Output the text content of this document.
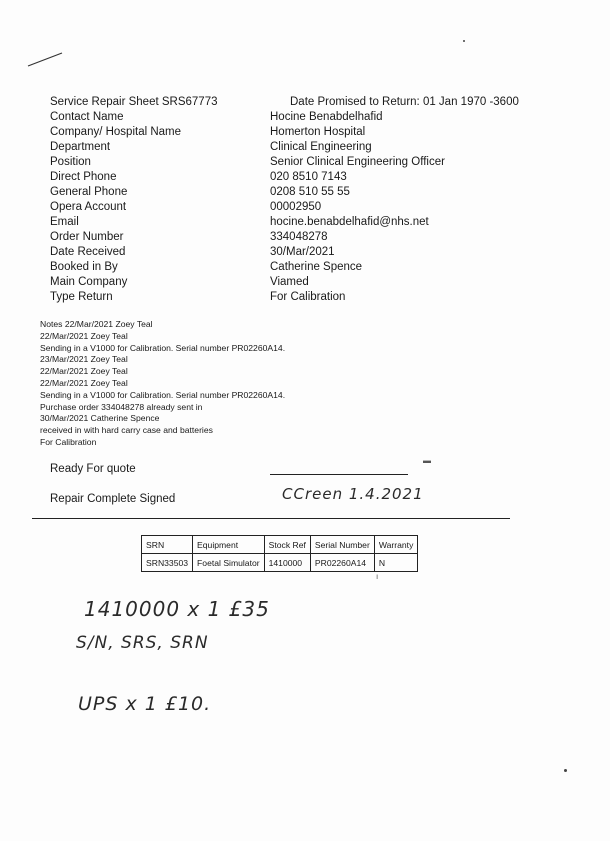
Service Repair Sheet SRS67773	Date Promised to Return: 01 Jan 1970 -3600
Contact Name	Hocine Benabdelhafid
Company/ Hospital Name	Homerton Hospital
Department	Clinical Engineering
Position	Senior Clinical Engineering Officer
Direct Phone	020 8510 7143
General Phone	0208 510 55 55
Opera Account	00002950
Email	hocine.benabdelhafid@nhs.net
Order Number	334048278
Date Received	30/Mar/2021
Booked in By	Catherine Spence
Main Company	Viamed
Type Return	For Calibration
Notes 22/Mar/2021 Zoey Teal
22/Mar/2021 Zoey Teal
Sending in a V1000 for Calibration. Serial number PR02260A14.
23/Mar/2021 Zoey Teal
22/Mar/2021 Zoey Teal
22/Mar/2021 Zoey Teal
Sending in a V1000 for Calibration. Serial number PR02260A14.
Purchase order 334048278 already sent in
30/Mar/2021 Catherine Spence
received in with hard carry case and batteries
For Calibration
Ready For quote
▬
Repair Complete Signed	CCreen 1.4.2021
SRN	Equipment	Stock Ref	Serial Number	Warranty
SRN33503	Foetal Simulator	1410000	PR02260A14	N
ı
1410000 x 1 £35
S/N, SRS, SRN
UPS x 1 £10.
